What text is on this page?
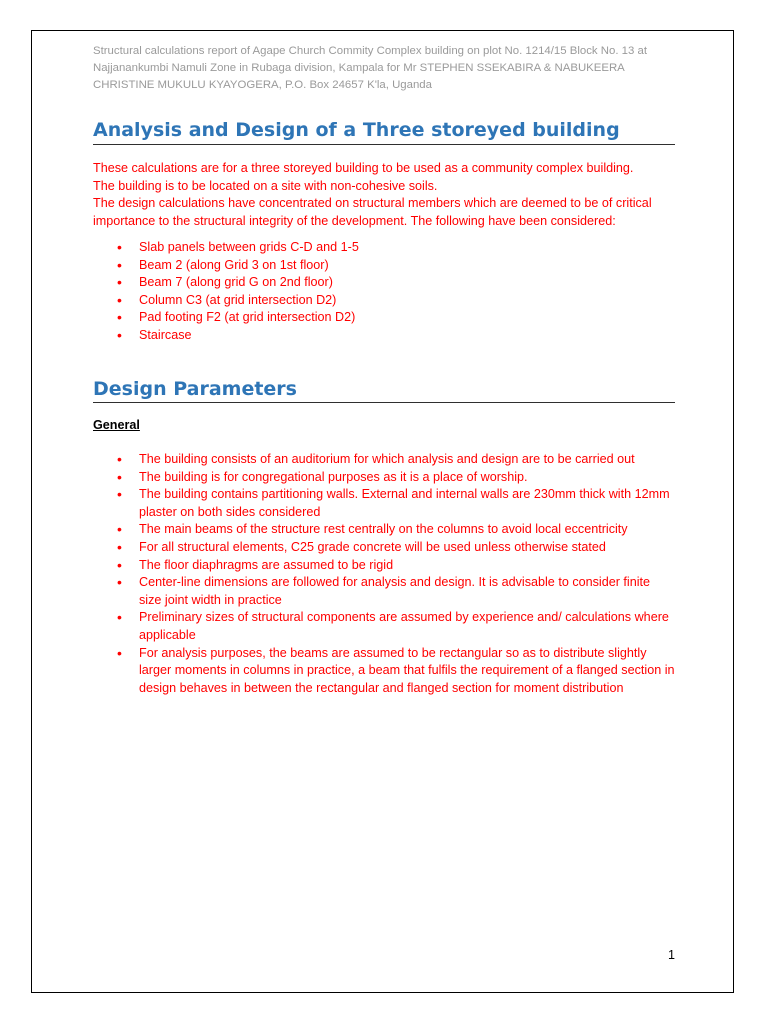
Structural calculations report of Agape Church Commity Complex building on plot No. 1214/15 Block No. 13 at Najjanankumbi Namuli Zone in Rubaga division, Kampala for Mr STEPHEN SSEKABIRA & NABUKEERA CHRISTINE MUKULU KYAYOGERA, P.O. Box 24657 K'la, Uganda
Analysis and Design of a Three storeyed building

These calculations are for a three storeyed building to be used as a community complex building.

The building is to be located on a site with non-cohesive soils.

The design calculations have concentrated on structural members which are deemed to be of critical importance to the structural integrity of the development. The following have been considered:

•	Slab panels between grids C-D and 1-5
•	Beam 2 (along Grid 3 on 1st floor)
•	Beam 7 (along grid G on 2nd floor)
•	Column C3 (at grid intersection D2)
•	Pad footing F2 (at grid intersection D2)
•	Staircase
Design Parameters
General
•	The building consists of an auditorium for which analysis and design are to be carried out
•	The building is for congregational purposes as it is a place of worship.
•	The building contains partitioning walls. External and internal walls are 230mm thick with 12mm plaster on both sides considered
•	The main beams of the structure rest centrally on the columns to avoid local eccentricity
•	For all structural elements, C25 grade concrete will be used unless otherwise stated
•	The floor diaphragms are assumed to be rigid
•	Center-line dimensions are followed for analysis and design. It is advisable to consider finite size joint width in practice
•	Preliminary sizes of structural components are assumed by experience and/ calculations where applicable
•	For analysis purposes, the beams are assumed to be rectangular so as to distribute slightly larger moments in columns in practice, a beam that fulfils the requirement of a flanged section in design behaves in between the rectangular and flanged section for moment distribution
1
